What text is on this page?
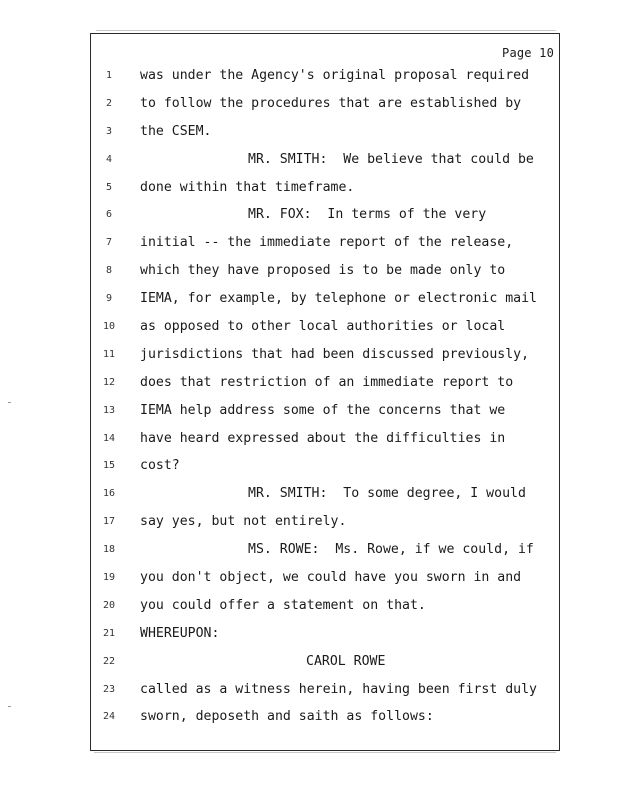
Page 10
1
2
3
4
5
6
7
8
9
10
11
12
13
14
15
16
17
18
19
20
21
22
23
24
was under the Agency's original proposal required
to follow the procedures that are established by
the CSEM.
MR. SMITH:  We believe that could be
done within that timeframe.
MR. FOX:  In terms of the very
initial -- the immediate report of the release,
which they have proposed is to be made only to
IEMA, for example, by telephone or electronic mail
as opposed to other local authorities or local
jurisdictions that had been discussed previously,
does that restriction of an immediate report to
IEMA help address some of the concerns that we
have heard expressed about the difficulties in
cost?
MR. SMITH:  To some degree, I would
say yes, but not entirely.
MS. ROWE:  Ms. Rowe, if we could, if
you don't object, we could have you sworn in and
you could offer a statement on that.
WHEREUPON:
CAROL ROWE
called as a witness herein, having been first duly
sworn, deposeth and saith as follows:
